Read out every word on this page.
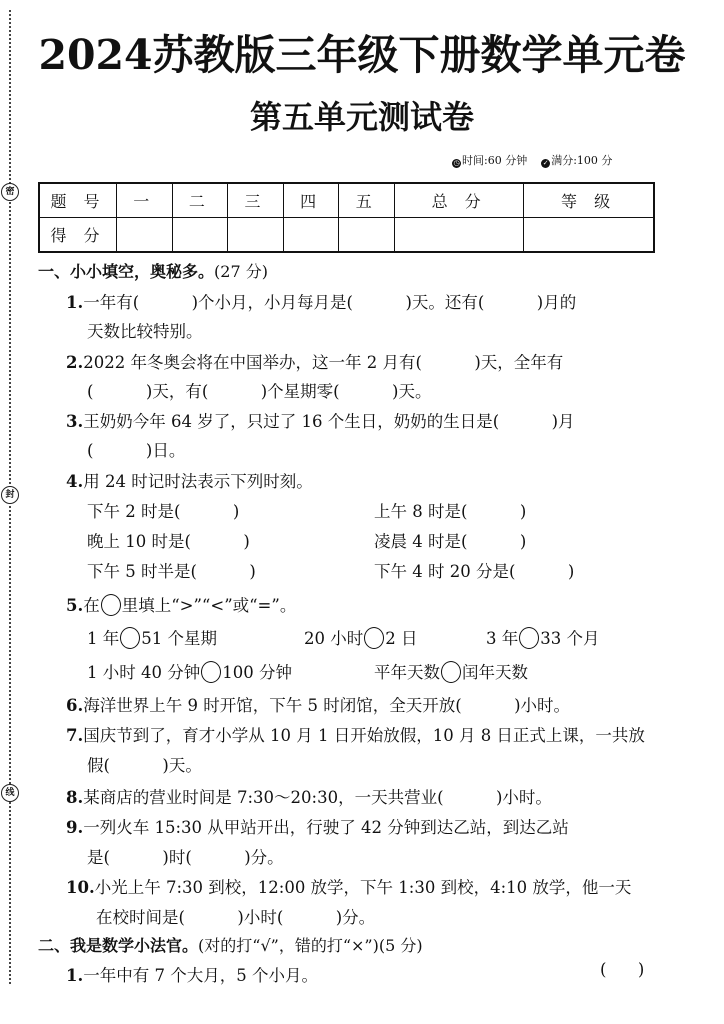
密
封
线
2024苏教版三年级下册数学单元卷
第五单元测试卷
◷ 时间:60 分钟 ✓ 满分:100 分
题 号	一	二	三	四	五	总 分	等 级
得 分							
一、小小填空，奥秘多。(27 分)
1.一年有(          )个小月，小月每月是(          )天。还有(          )月的
天数比较特别。
2.2022 年冬奥会将在中国举办，这一年 2 月有(          )天，全年有
(          )天，有(          )个星期零(          )天。
3.王奶奶今年 64 岁了，只过了 16 个生日，奶奶的生日是(          )月
(          )日。
4.用 24 时记时法表示下列时刻。
下午 2 时是(          )	上午 8 时是(          )
晚上 10 时是(          )	凌晨 4 时是(          )
下午 5 时半是(          )	下午 4 时 20 分是(          )
5.在 里填上“>”“<”或“=”。
1 年 51 个星期	20 小时 2 日	3 年 33 个月
1 小时 40 分钟 100 分钟	平年天数 闰年天数
6.海洋世界上午 9 时开馆，下午 5 时闭馆，全天开放(          )小时。
7.国庆节到了，育才小学从 10 月 1 日开始放假，10 月 8 日正式上课，一共放
假(          )天。
8.某商店的营业时间是 7:30～20:30，一天共营业(          )小时。
9.一列火车 15:30 从甲站开出，行驶了 42 分钟到达乙站，到达乙站
是(          )时(          )分。
10.小光上午 7:30 到校，12:00 放学，下午 1:30 到校，4:10 放学，他一天
在校时间是(          )小时(          )分。
二、我是数学小法官。(对的打“√”，错的打“×”)(5 分)
1.一年中有 7 个大月，5 个小月。	(      )
